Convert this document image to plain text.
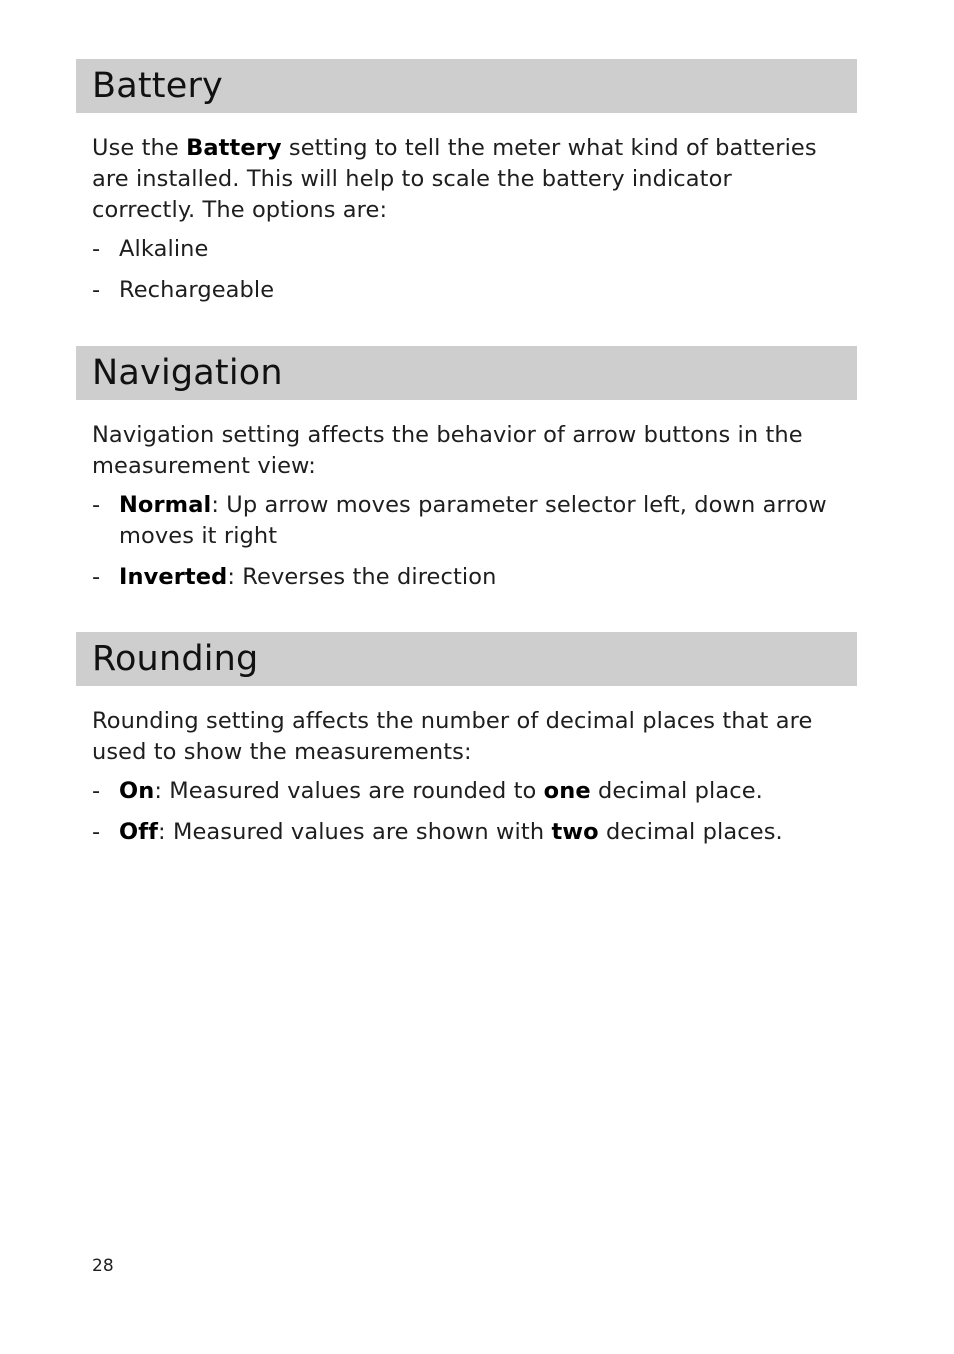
Battery

Use the Battery setting to tell the meter what kind of batteries are installed. This will help to scale the battery indicator correctly. The options are:

- Alkaline
- Rechargeable
Navigation

Navigation setting affects the behavior of arrow buttons in the measurement view:

- Normal: Up arrow moves parameter selector left, down arrow moves it right
- Inverted: Reverses the direction
Rounding

Rounding setting affects the number of decimal places that are used to show the measurements:

- On: Measured values are rounded to one decimal place.
- Off: Measured values are shown with two decimal places.
28
